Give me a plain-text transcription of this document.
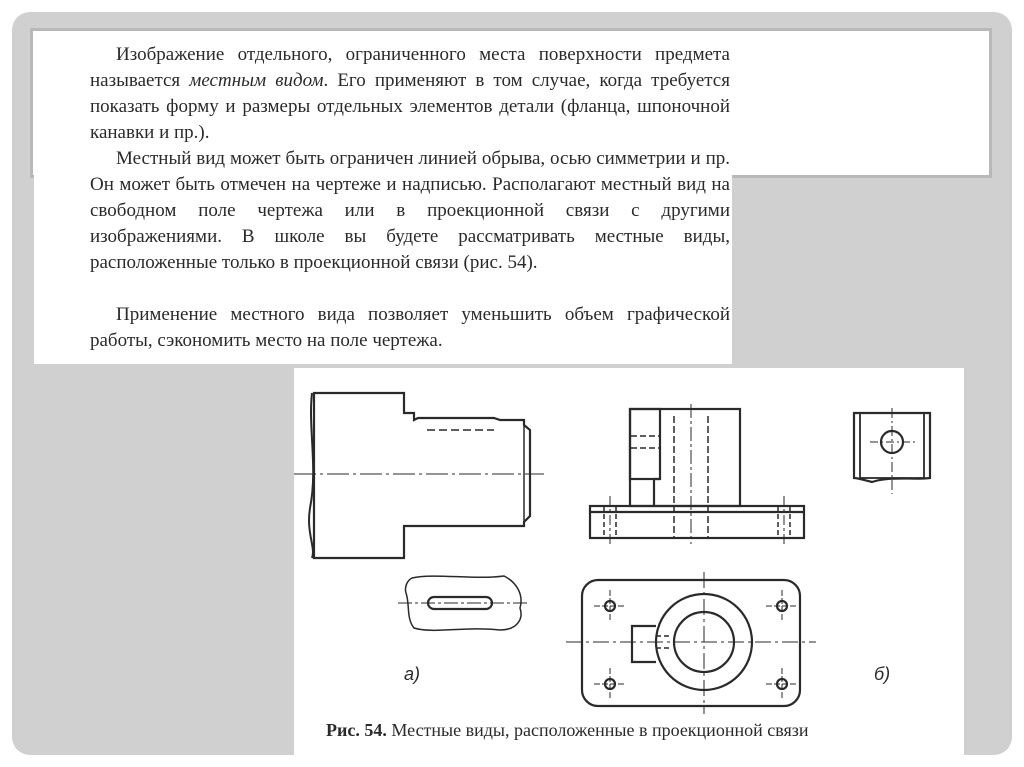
Изображение отдельного, ограниченного места поверхности предмета называется местным видом. Его применяют в том случае, когда требуется показать форму и размеры отдельных элементов детали (фланца, шпоночной канавки и пр.).

Местный вид может быть ограничен линией обрыва, осью симметрии и пр. Он может быть отмечен на чертеже и надписью. Располагают местный вид на свободном поле чертежа или в проекционной связи с другими изображениями. В школе вы будете рассматривать местные виды, расположенные только в проекционной связи (рис. 54).

Применение местного вида позволяет уменьшить объем графической работы, сэкономить место на поле чертежа.

а)	б)
Рис. 54. Местные виды, расположенные в проекционной связи
